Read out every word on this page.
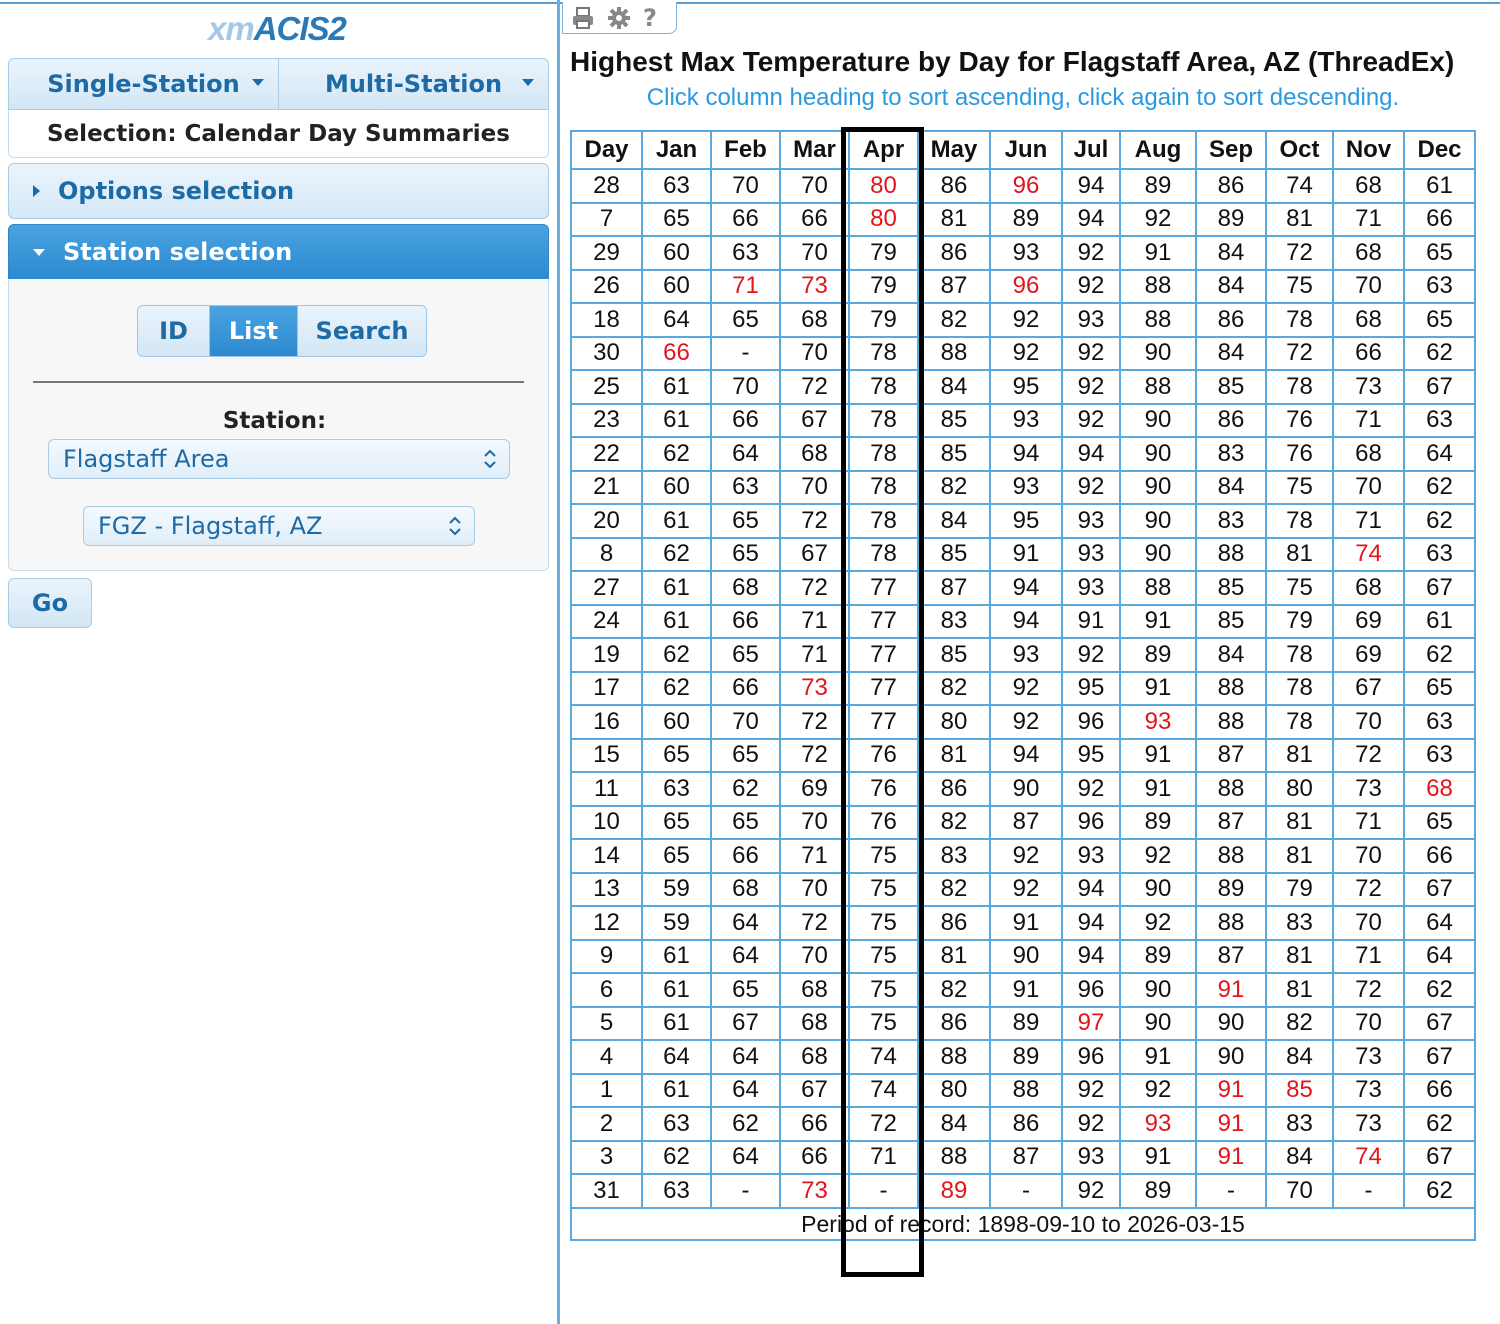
xmACIS2
Single-Station	Multi-Station
Selection: Calendar Day Summaries
Options selection
Station selection
ID	List	Search
Station:
Flagstaff Area
FGZ - Flagstaff, AZ
Go
?
Highest Max Temperature by Day for Flagstaff Area, AZ (ThreadEx)
Click column heading to sort ascending, click again to sort descending.
Day	Jan	Feb	Mar	Apr	May	Jun	Jul	Aug	Sep	Oct	Nov	Dec
28	63	70	70	80	86	96	94	89	86	74	68	61
7	65	66	66	80	81	89	94	92	89	81	71	66
29	60	63	70	79	86	93	92	91	84	72	68	65
26	60	71	73	79	87	96	92	88	84	75	70	63
18	64	65	68	79	82	92	93	88	86	78	68	65
30	66	-	70	78	88	92	92	90	84	72	66	62
25	61	70	72	78	84	95	92	88	85	78	73	67
23	61	66	67	78	85	93	92	90	86	76	71	63
22	62	64	68	78	85	94	94	90	83	76	68	64
21	60	63	70	78	82	93	92	90	84	75	70	62
20	61	65	72	78	84	95	93	90	83	78	71	62
8	62	65	67	78	85	91	93	90	88	81	74	63
27	61	68	72	77	87	94	93	88	85	75	68	67
24	61	66	71	77	83	94	91	91	85	79	69	61
19	62	65	71	77	85	93	92	89	84	78	69	62
17	62	66	73	77	82	92	95	91	88	78	67	65
16	60	70	72	77	80	92	96	93	88	78	70	63
15	65	65	72	76	81	94	95	91	87	81	72	63
11	63	62	69	76	86	90	92	91	88	80	73	68
10	65	65	70	76	82	87	96	89	87	81	71	65
14	65	66	71	75	83	92	93	92	88	81	70	66
13	59	68	70	75	82	92	94	90	89	79	72	67
12	59	64	72	75	86	91	94	92	88	83	70	64
9	61	64	70	75	81	90	94	89	87	81	71	64
6	61	65	68	75	82	91	96	90	91	81	72	62
5	61	67	68	75	86	89	97	90	90	82	70	67
4	64	64	68	74	88	89	96	91	90	84	73	67
1	61	64	67	74	80	88	92	92	91	85	73	66
2	63	62	66	72	84	86	92	93	91	83	73	62
3	62	64	66	71	88	87	93	91	91	84	74	67
31	63	-	73	-	89	-	92	89	-	70	-	62
Period of record: 1898-09-10 to 2026-03-15												
